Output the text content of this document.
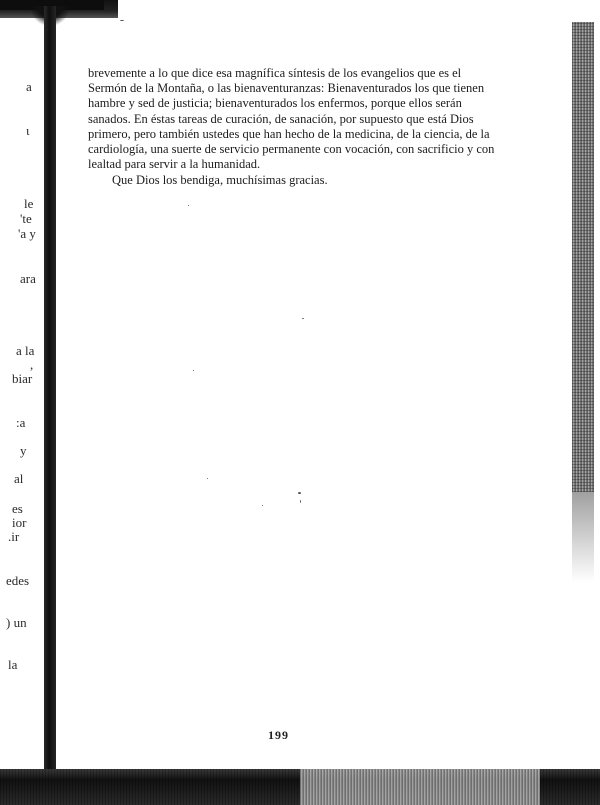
a
ι
le
'te
'a y
ara
a la
,
biar
:a
y
al
es
ior
.ir
edes
) un
la

brevemente a lo que dice esa magnífica síntesis de los evangelios que es el Sermón de la Montaña, o las bienaventuranzas: Bienaventurados los que tienen hambre y sed de justicia; bienaventurados los enfermos, porque ellos serán sanados. En éstas tareas de curación, de sanación, por supuesto que está Dios primero, pero también ustedes que han hecho de la medicina, de la ciencia, de la cardiología, una suerte de servicio permanente con vocación, con sacrificio y con lealtad para servir a la humanidad.

Que Dios los bendiga, muchísimas gracias.

199
